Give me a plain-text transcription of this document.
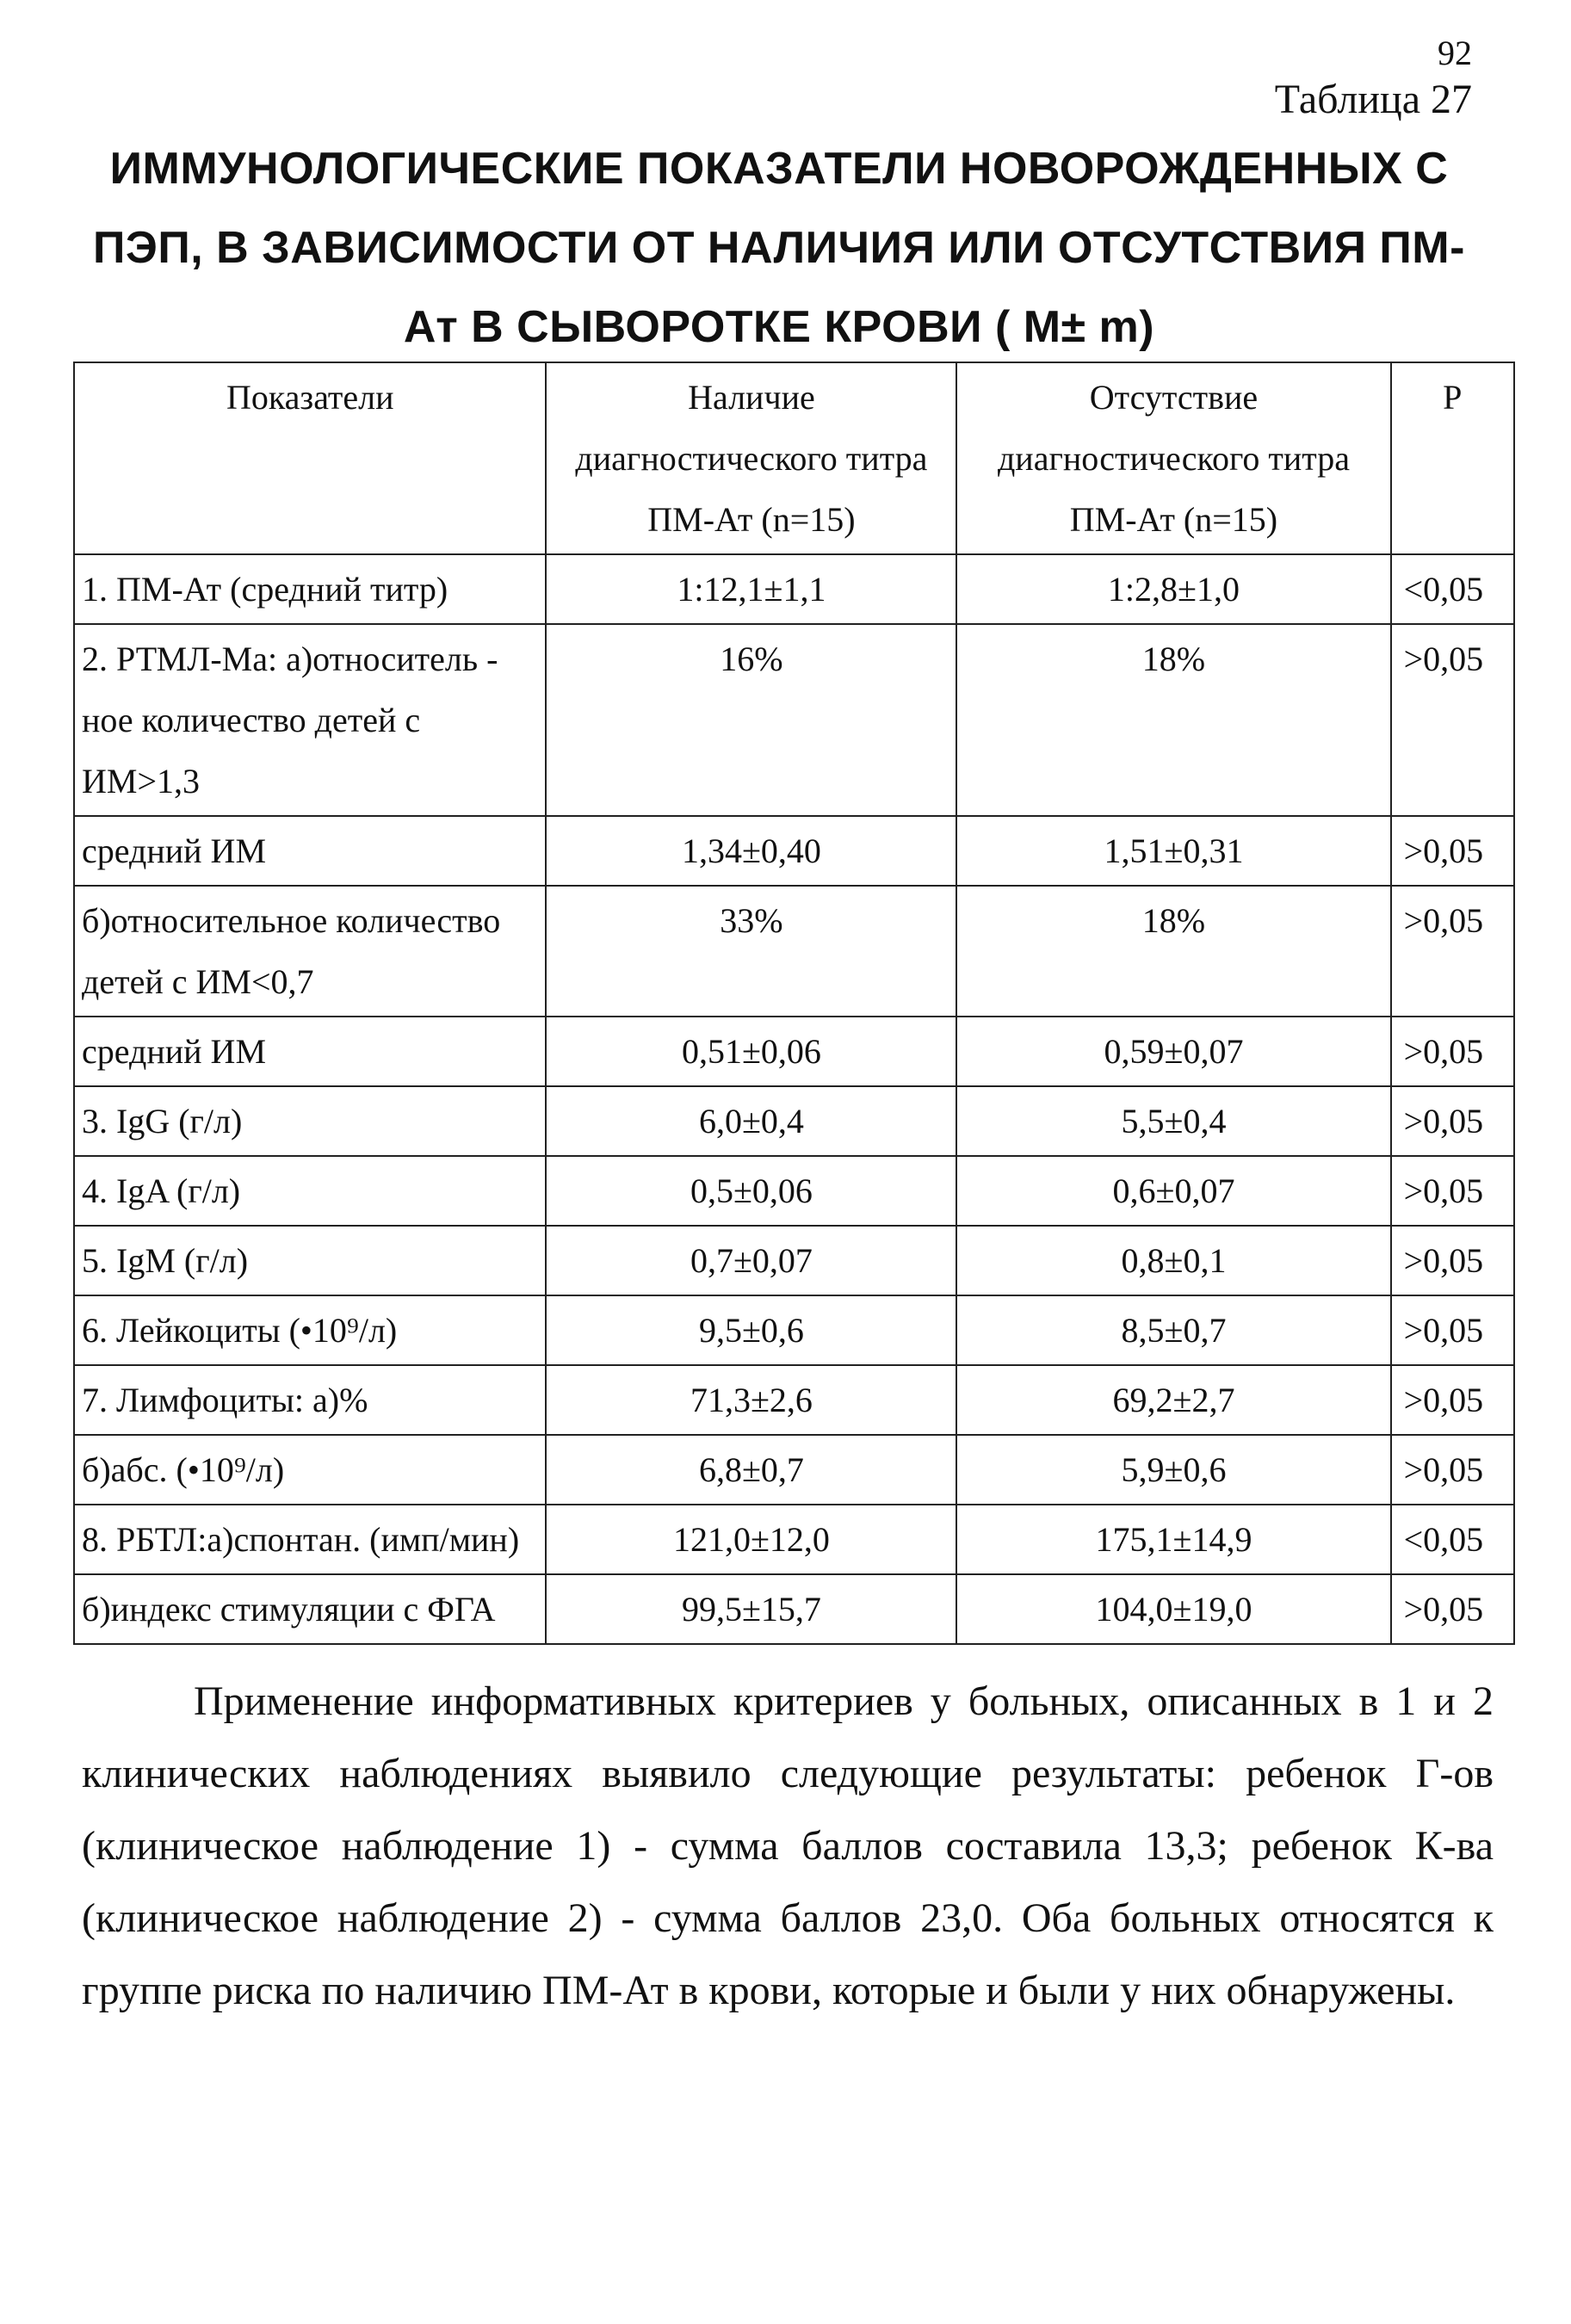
92
Таблица 27
ИММУНОЛОГИЧЕСКИЕ ПОКАЗАТЕЛИ НОВОРОЖДЕННЫХ С
ПЭП, В ЗАВИСИМОСТИ ОТ НАЛИЧИЯ ИЛИ ОТСУТСТВИЯ ПМ-
Ат В СЫВОРОТКЕ КРОВИ ( М± m)
Показатели	Наличие диагностического титра ПМ-Ат (n=15)	Отсутствие диагностического титра ПМ-Ат (n=15)	P
1. ПМ-Ат (средний титр)	1:12,1±1,1	1:2,8±1,0	<0,05
2. РТМЛ-Ма: а)относитель - ное количество детей с ИМ>1,3	16%	18%	>0,05
средний ИМ	1,34±0,40	1,51±0,31	>0,05
б)относительное количество детей с ИМ<0,7	33%	18%	>0,05
средний ИМ	0,51±0,06	0,59±0,07	>0,05
3. IgG (г/л)	6,0±0,4	5,5±0,4	>0,05
4. IgA (г/л)	0,5±0,06	0,6±0,07	>0,05
5. IgM (г/л)	0,7±0,07	0,8±0,1	>0,05
6. Лейкоциты (•10⁹/л)	9,5±0,6	8,5±0,7	>0,05
7. Лимфоциты: а)%	71,3±2,6	69,2±2,7	>0,05
б)абс. (•10⁹/л)	6,8±0,7	5,9±0,6	>0,05
8. РБТЛ:а)спонтан. (имп/мин)	121,0±12,0	175,1±14,9	<0,05
б)индекс стимуляции с ФГА	99,5±15,7	104,0±19,0	>0,05

Применение информативных критериев у больных, описанных в 1 и 2 клинических наблюдениях выявило следующие результаты: ребенок Г-ов (клиническое наблюдение 1) - сумма баллов составила 13,3; ребенок К-ва (клиническое наблюдение 2) - сумма баллов 23,0. Оба больных относятся к группе риска по наличию ПМ-Ат в крови, которые и были у них обнаружены.
